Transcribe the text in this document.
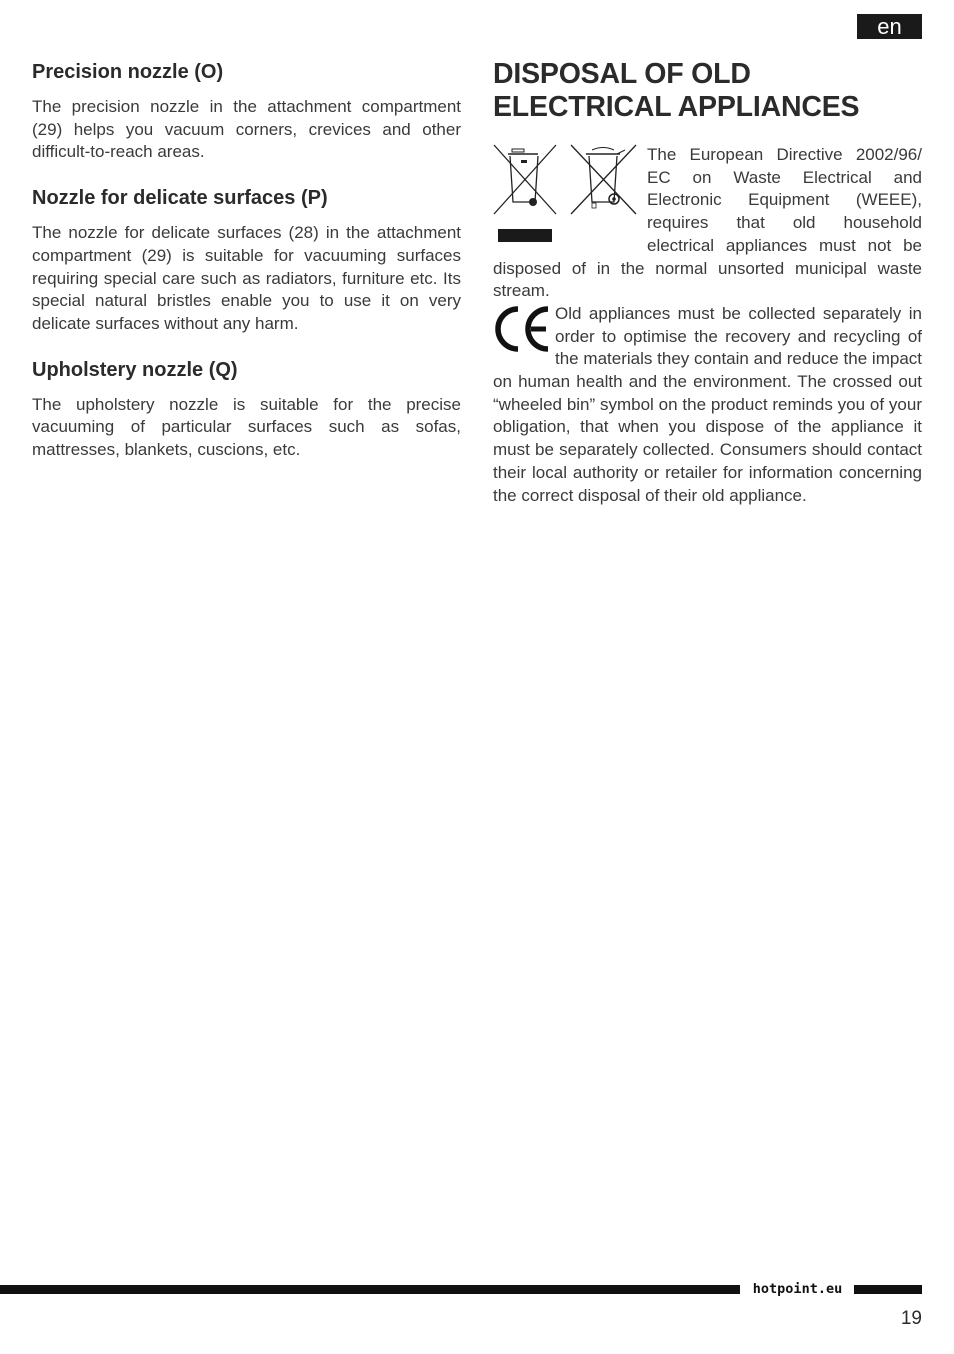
en
Precision nozzle (O)

The precision nozzle in the attachment compartment (29) helps you vacuum corners, crevices and other difficult-to-reach areas.

Nozzle for delicate surfaces (P)

The nozzle for delicate surfaces (28) in the attachment compartment (29) is suitable for vacuuming surfaces requiring special care such as radiators, furniture etc. Its special natural bristles enable you to use it on very delicate surfaces without any harm.

Upholstery nozzle (Q)

The upholstery nozzle is suitable for the precise vacuuming of particular surfaces such as sofas, mattresses, blankets, cuscions, etc.

DISPOSAL OF OLD ELECTRICAL APPLIANCES

The European Directive 2002/96/ EC on Waste Electrical and Electronic Equipment (WEEE), requires that old household electrical appliances must not be disposed of in the normal unsorted municipal waste stream.

Old appliances must be collected separately in order to optimise the recovery and recycling of the materials they contain and reduce the impact on human health and the environment. The crossed out “wheeled bin” symbol on the product reminds you of your obligation, that when you dispose of the appliance it must be separately collected. Consumers should contact their local authority or retailer for information concerning the correct disposal of their old appliance.

hotpoint.eu
19
